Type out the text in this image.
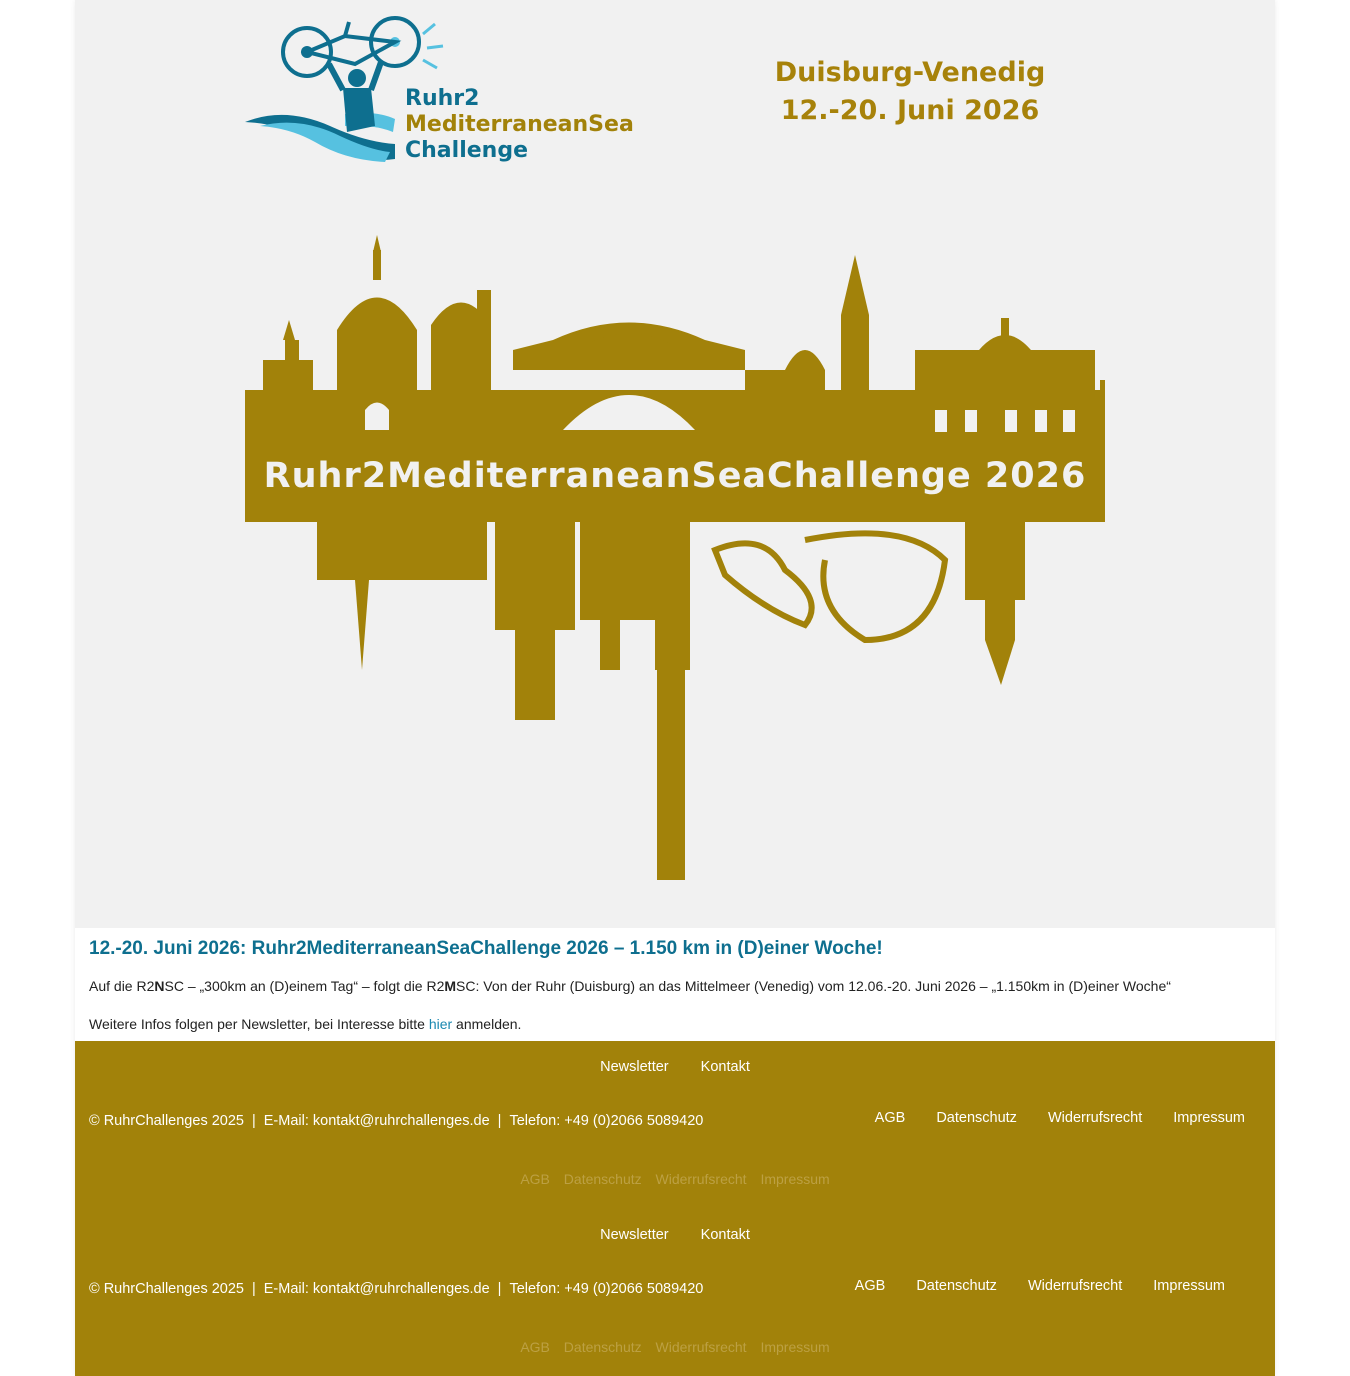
Ruhr2
MediterraneanSea
Challenge
Duisburg-Venedig
12.-20. Juni 2026
Ruhr2MediterraneanSeaChallenge 2026
12.-20. Juni 2026: Ruhr2MediterraneanSeaChallenge 2026 – 1.150 km in (D)einer Woche!

Auf die R2NSC – „300km an (D)einem Tag“ – folgt die R2MSC: Von der Ruhr (Duisburg) an das Mittelmeer (Venedig) vom 12.06.-20. Juni 2026 – „1.150km in (D)einer Woche“

Weitere Infos folgen per Newsletter, bei Interesse bitte hier anmelden.

Newsletter Kontakt
© RuhrChallenges 2025 | E-Mail: kontakt@ruhrchallenges.de | Telefon: +49 (0)2066 5089420	AGB Datenschutz Widerrufsrecht Impressum
AGB Datenschutz Widerrufsrecht Impressum
Newsletter Kontakt
© RuhrChallenges 2025 | E-Mail: kontakt@ruhrchallenges.de | Telefon: +49 (0)2066 5089420	AGB Datenschutz Widerrufsrecht Impressum
AGB Datenschutz Widerrufsrecht Impressum
